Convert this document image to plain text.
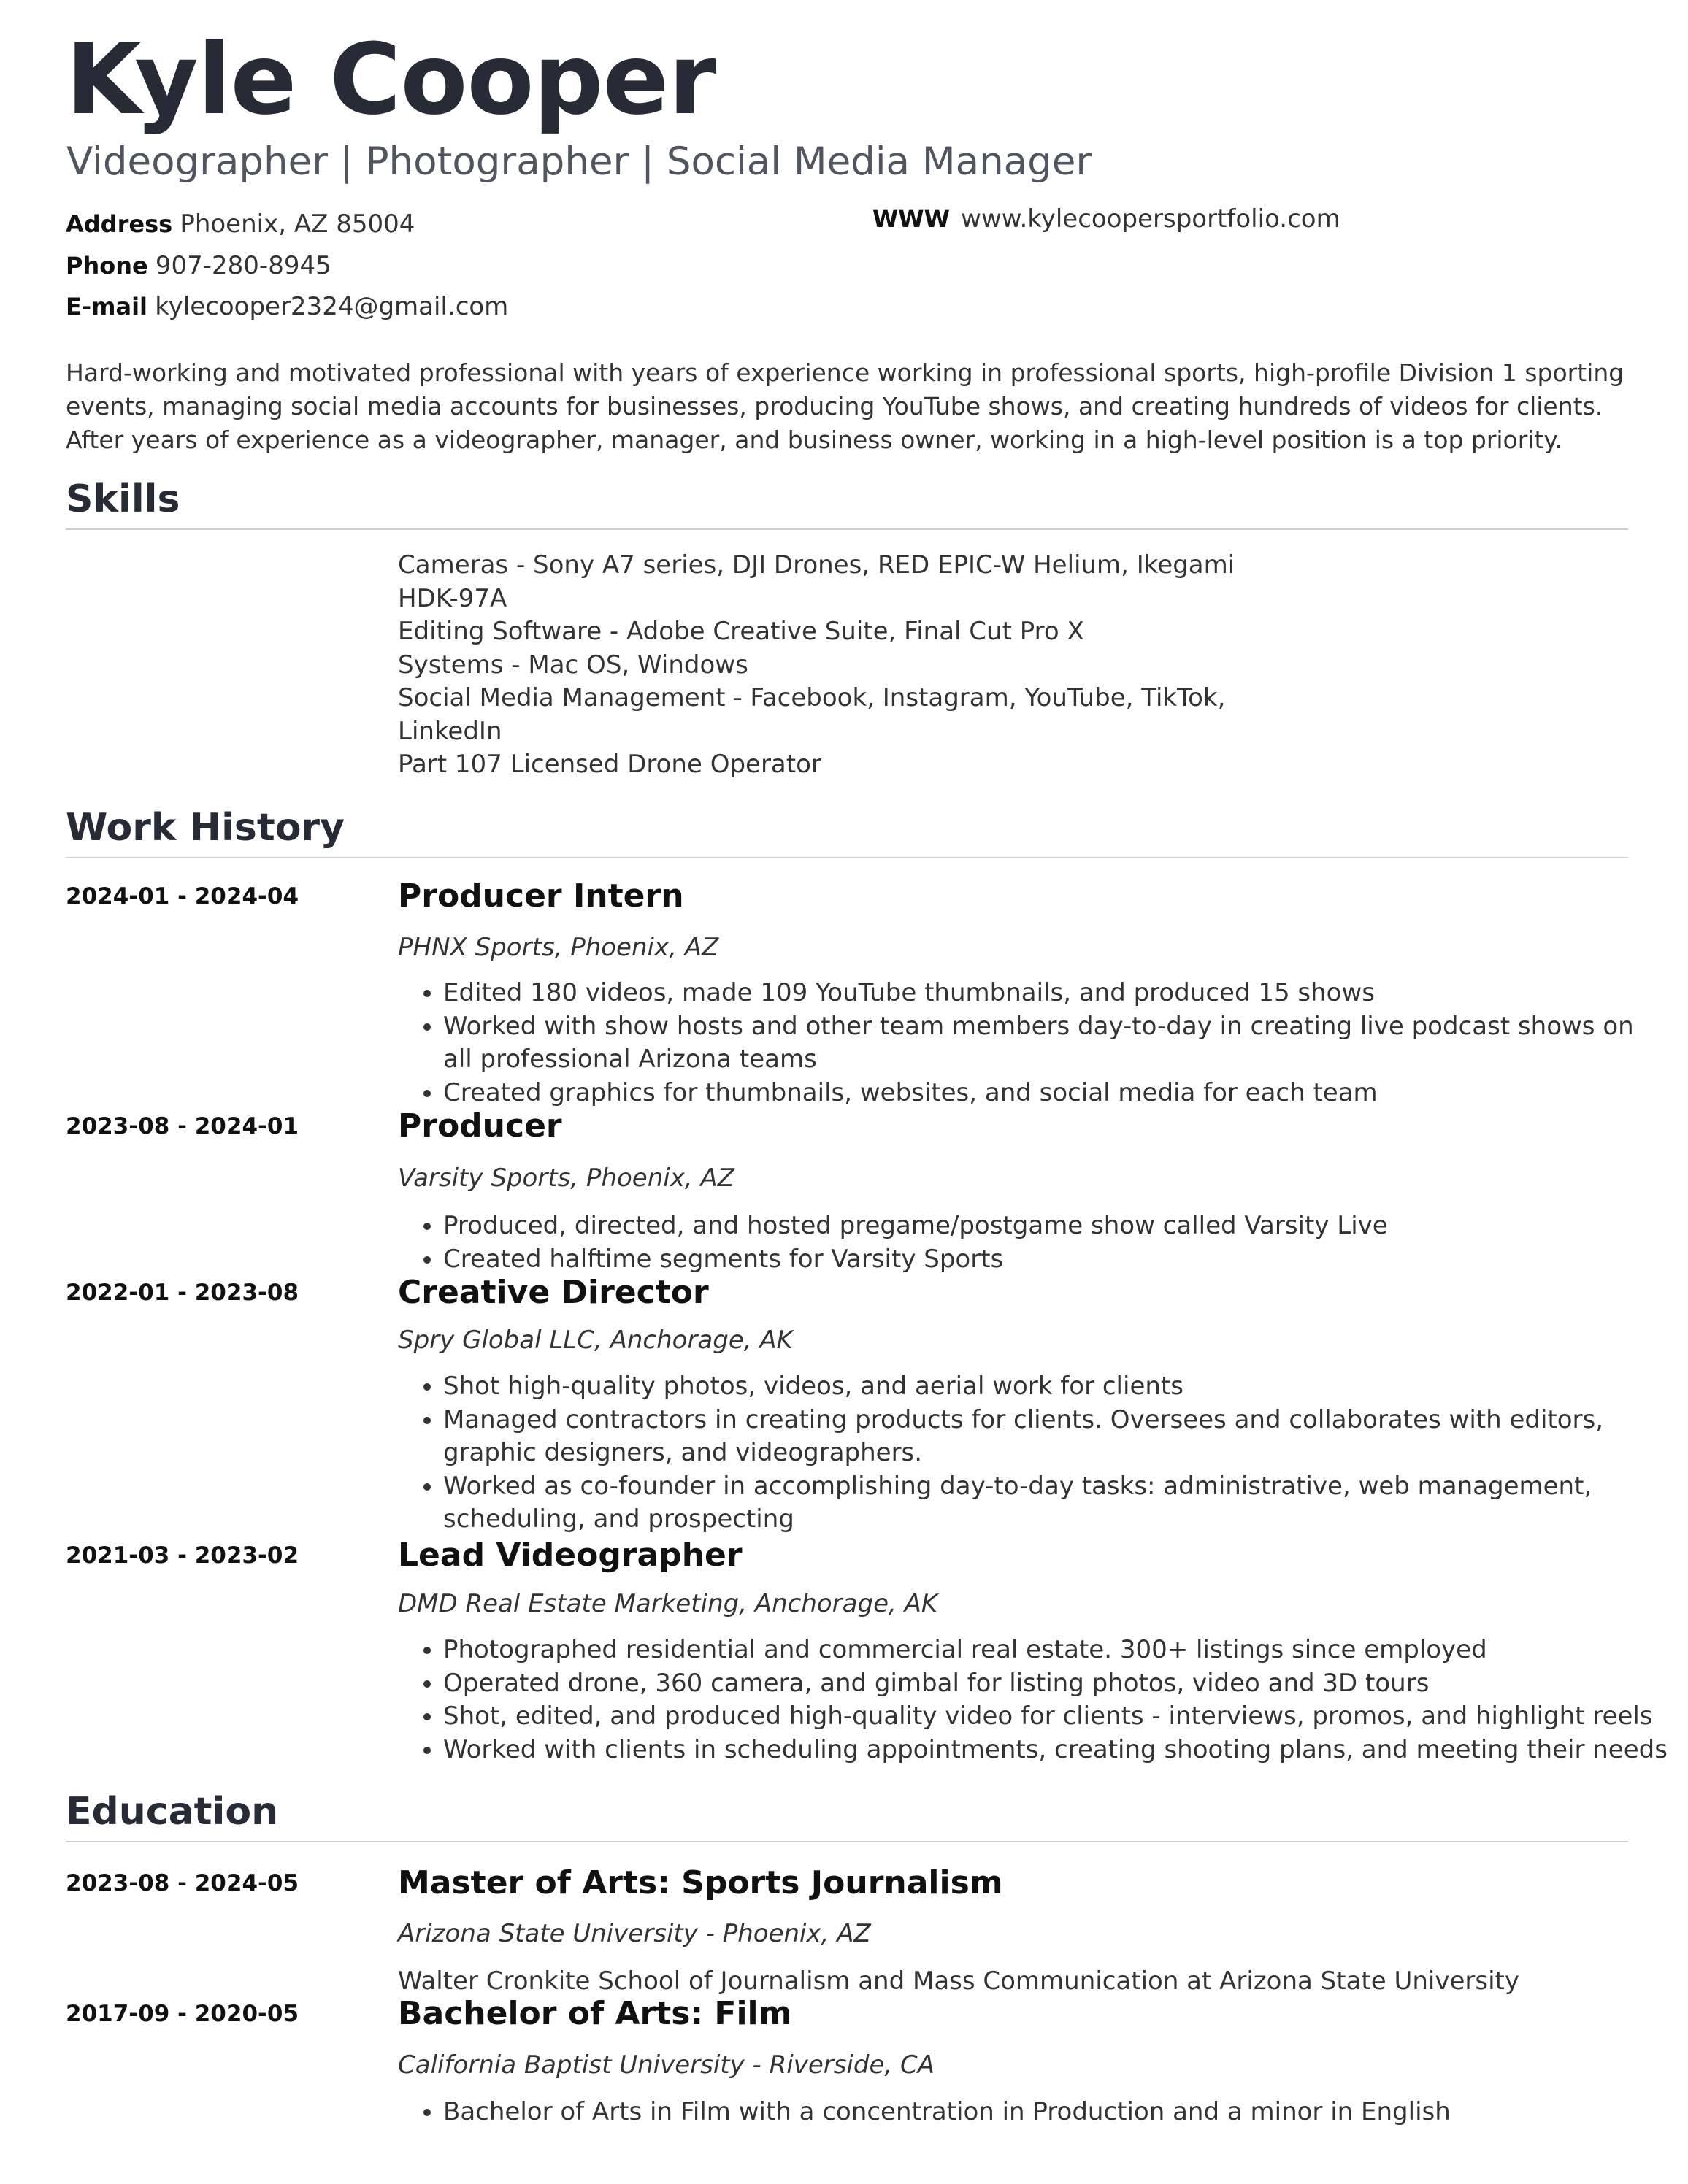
Kyle Cooper
Videographer | Photographer | Social Media Manager
Address Phoenix, AZ 85004
Phone 907-280-8945
E-mail kylecooper2324@gmail.com
WWW www.kylecoopersportfolio.com
Hard-working and motivated professional with years of experience working in professional sports, high-profile Division 1 sporting events, managing social media accounts for businesses, producing YouTube shows, and creating hundreds of videos for clients. After years of experience as a videographer, manager, and business owner, working in a high-level position is a top priority.
Skills
Cameras - Sony A7 series, DJI Drones, RED EPIC-W Helium, Ikegami
HDK-97A
Editing Software - Adobe Creative Suite, Final Cut Pro X
Systems - Mac OS, Windows
Social Media Management - Facebook, Instagram, YouTube, TikTok,
LinkedIn
Part 107 Licensed Drone Operator
Work History
2024-01 - 2024-04	Producer Intern
PHNX Sports, Phoenix, AZ
• Edited 180 videos, made 109 YouTube thumbnails, and produced 15 shows
• Worked with show hosts and other team members day-to-day in creating live podcast shows on all professional Arizona teams
• Created graphics for thumbnails, websites, and social media for each team
2023-08 - 2024-01	Producer
Varsity Sports, Phoenix, AZ
• Produced, directed, and hosted pregame/postgame show called Varsity Live
• Created halftime segments for Varsity Sports
2022-01 - 2023-08	Creative Director
Spry Global LLC, Anchorage, AK
• Shot high-quality photos, videos, and aerial work for clients
• Managed contractors in creating products for clients. Oversees and collaborates with editors, graphic designers, and videographers.
• Worked as co-founder in accomplishing day-to-day tasks: administrative, web management, scheduling, and prospecting
2021-03 - 2023-02	Lead Videographer
DMD Real Estate Marketing, Anchorage, AK
• Photographed residential and commercial real estate. 300+ listings since employed
• Operated drone, 360 camera, and gimbal for listing photos, video and 3D tours
• Shot, edited, and produced high-quality video for clients - interviews, promos, and highlight reels
• Worked with clients in scheduling appointments, creating shooting plans, and meeting their needs
Education
2023-08 - 2024-05	Master of Arts: Sports Journalism
Arizona State University - Phoenix, AZ
Walter Cronkite School of Journalism and Mass Communication at Arizona State University
2017-09 - 2020-05	Bachelor of Arts: Film
California Baptist University - Riverside, CA
• Bachelor of Arts in Film with a concentration in Production and a minor in English
